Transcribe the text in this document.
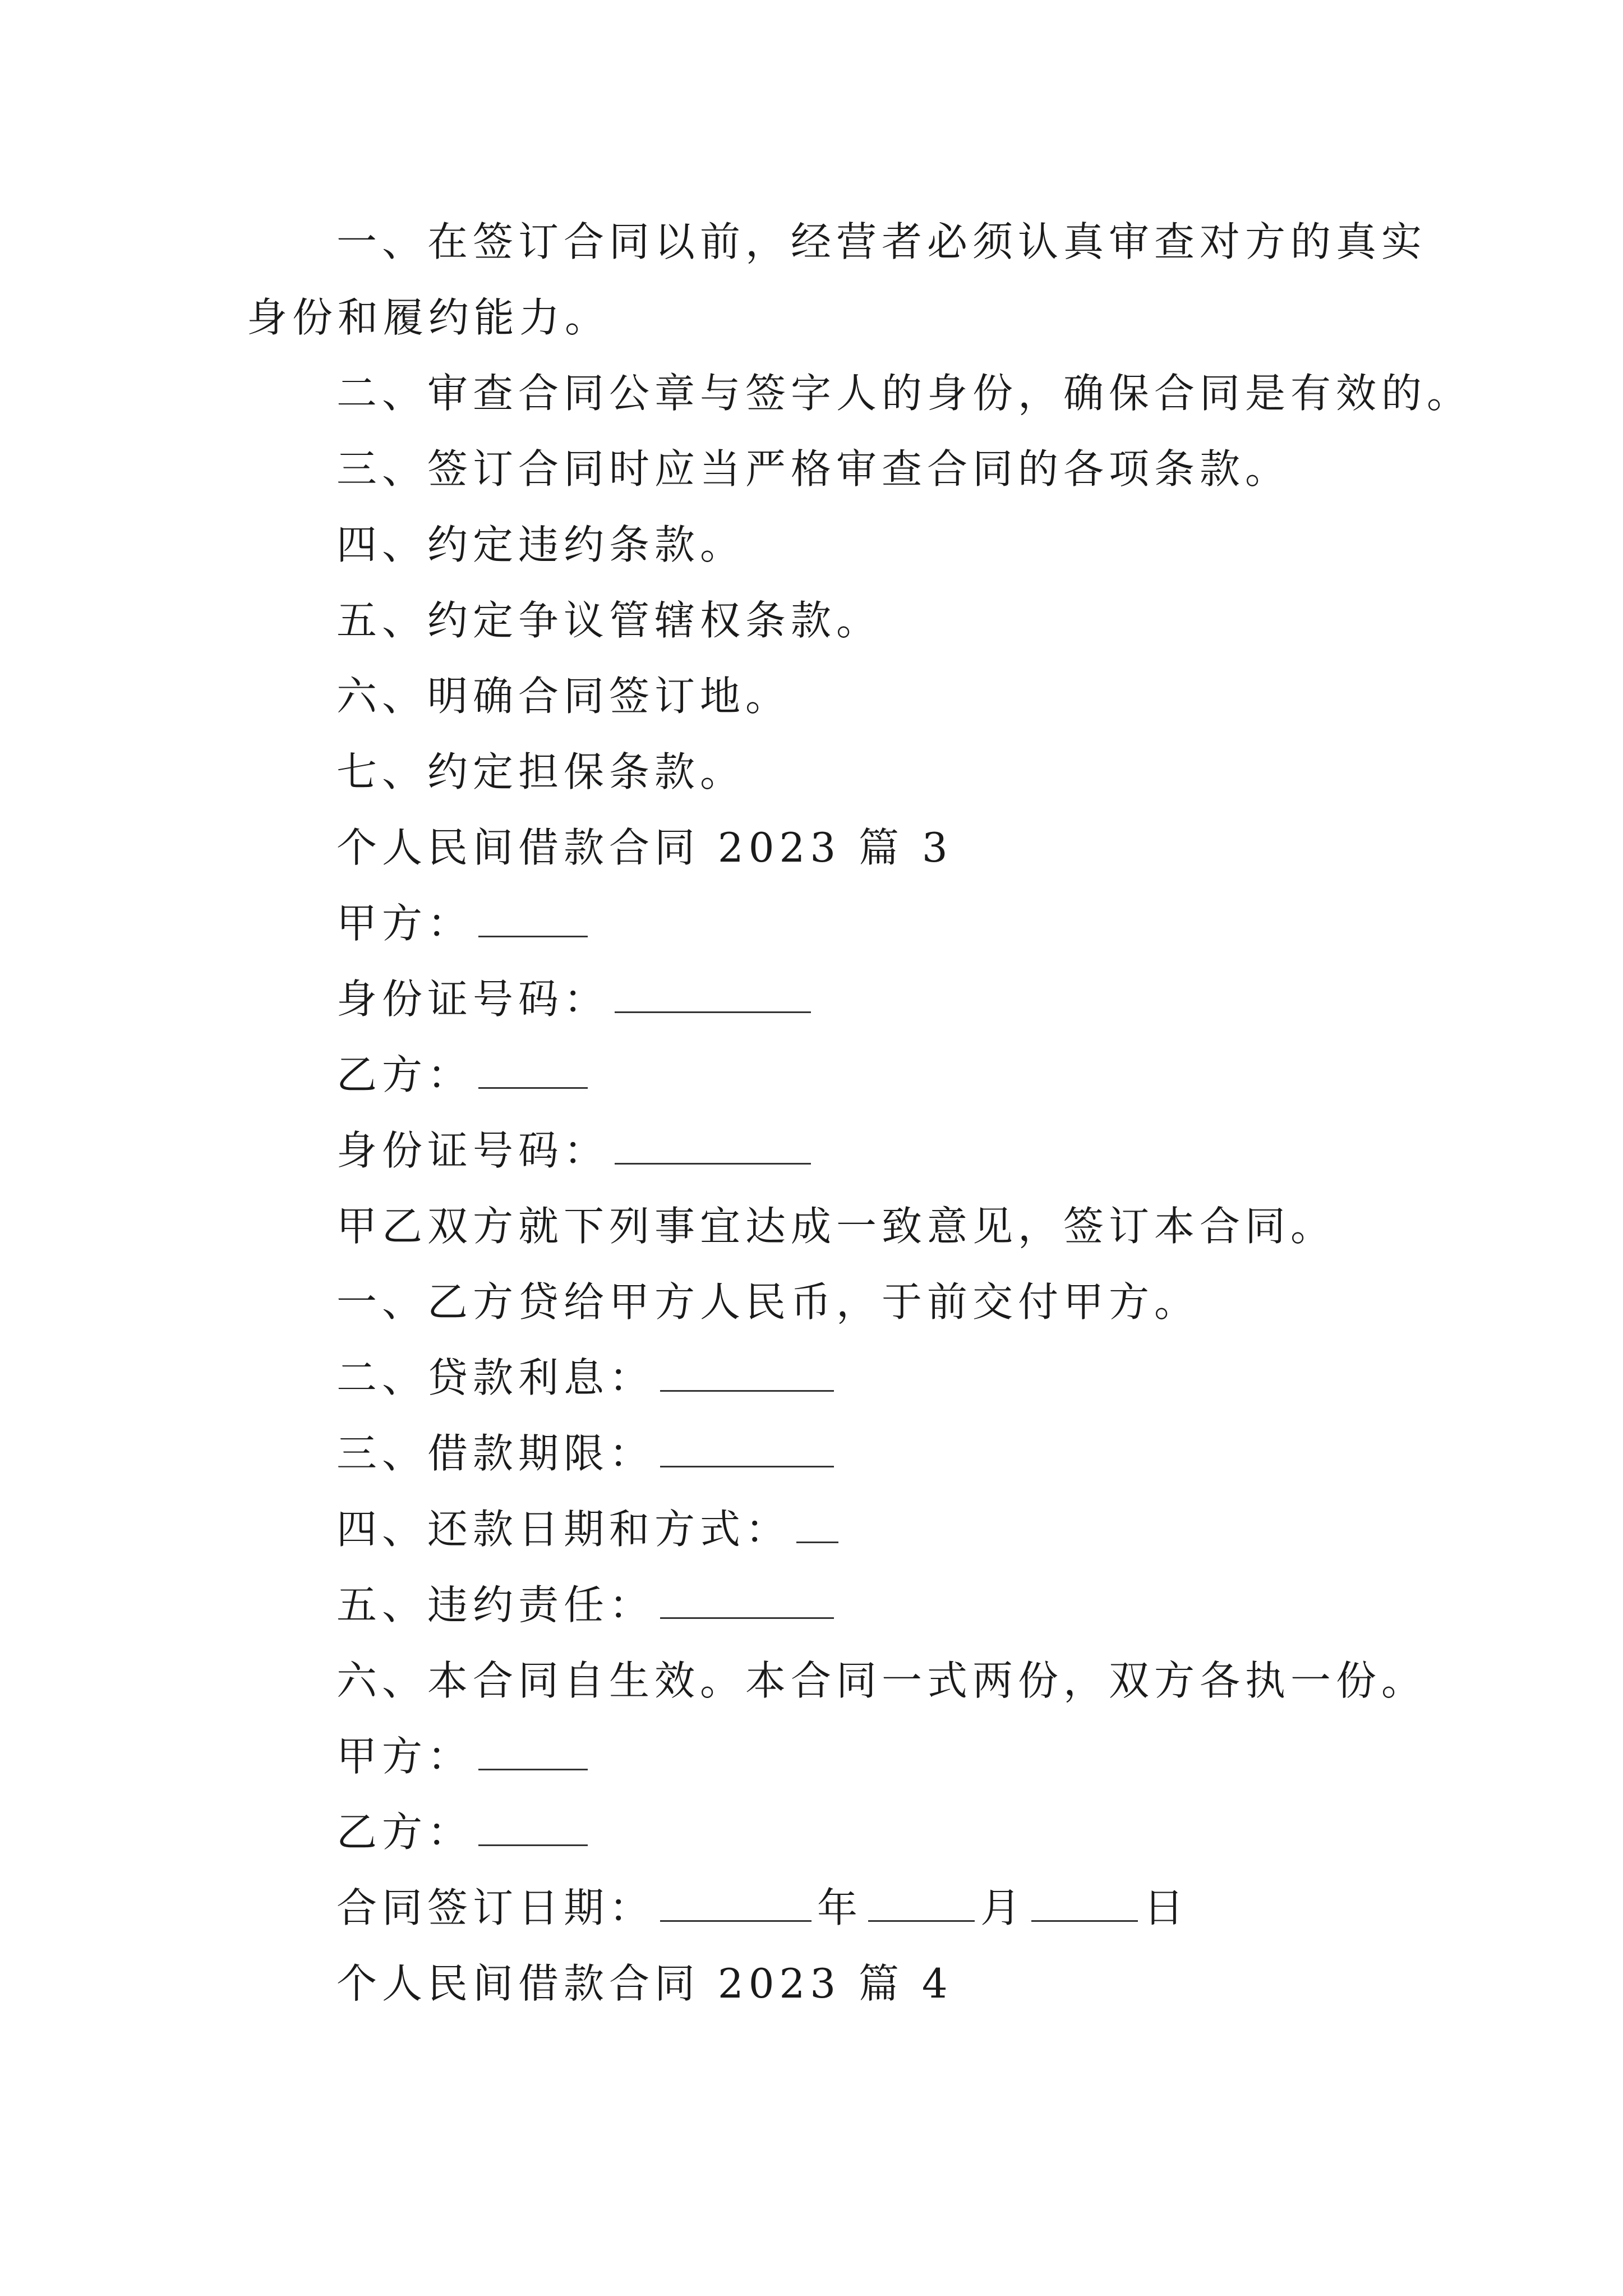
一、在签订合同以前，经营者必须认真审查对方的真实
身份和履约能力。
二、审查合同公章与签字人的身份，确保合同是有效的。
三、签订合同时应当严格审查合同的各项条款。
四、约定违约条款。
五、约定争议管辖权条款。
六、明确合同签订地。
七、约定担保条款。
个人民间借款合同 2023 篇 3
甲方：
身份证号码：
乙方：
身份证号码：
甲乙双方就下列事宜达成一致意见，签订本合同。
一、乙方贷给甲方人民币，于前交付甲方。
二、贷款利息：
三、借款期限：
四、还款日期和方式：
五、违约责任：
六、本合同自生效。本合同一式两份，双方各执一份。
甲方：
乙方：
合同签订日期：	年	月	日
个人民间借款合同 2023 篇 4
